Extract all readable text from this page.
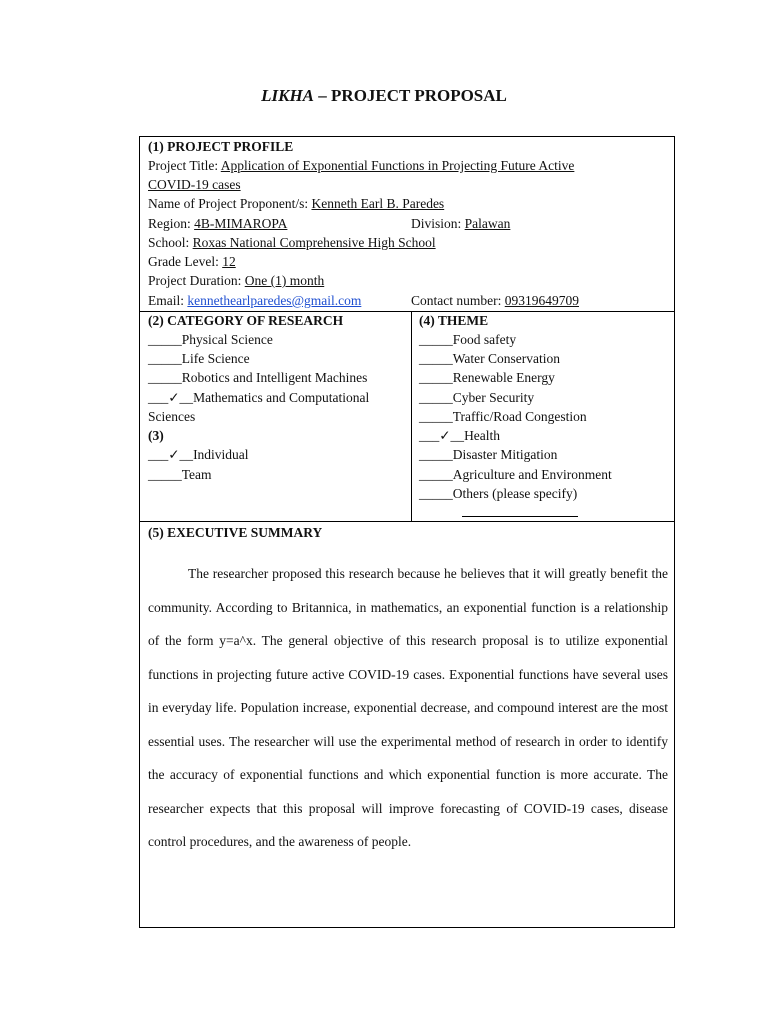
LIKHA – PROJECT PROPOSAL
(1) PROJECT PROFILE
Project Title: Application of Exponential Functions in Projecting Future Active
COVID-19 cases
Name of Project Proponent/s: Kenneth Earl B. Paredes
Region: 4B-MIMAROPA	Division: Palawan
School: Roxas National Comprehensive High School
Grade Level: 12
Project Duration: One (1) month
Email: kennethearlparedes@gmail.com	Contact number: 09319649709
(2) CATEGORY OF RESEARCH
_____Physical Science
_____Life Science
_____Robotics and Intelligent Machines
___✓__Mathematics and Computational
Sciences
(3)
___✓__Individual
_____Team
(4) THEME
_____Food safety
_____Water Conservation
_____Renewable Energy
_____Cyber Security
_____Traffic/Road Congestion
___✓__Health
_____Disaster Mitigation
_____Agriculture and Environment
_____Others (please specify)
(5) EXECUTIVE SUMMARY
The researcher proposed this research because he believes that it will greatly benefit the community. According to Britannica, in mathematics, an exponential function is a relationship of the form y=a^x. The general objective of this research proposal is to utilize exponential functions in projecting future active COVID-19 cases. Exponential functions have several uses in everyday life. Population increase, exponential decrease, and compound interest are the most essential uses. The researcher will use the experimental method of research in order to identify the accuracy of exponential functions and which exponential function is more accurate. The researcher expects that this proposal will improve forecasting of COVID-19 cases, disease control procedures, and the awareness of people.
